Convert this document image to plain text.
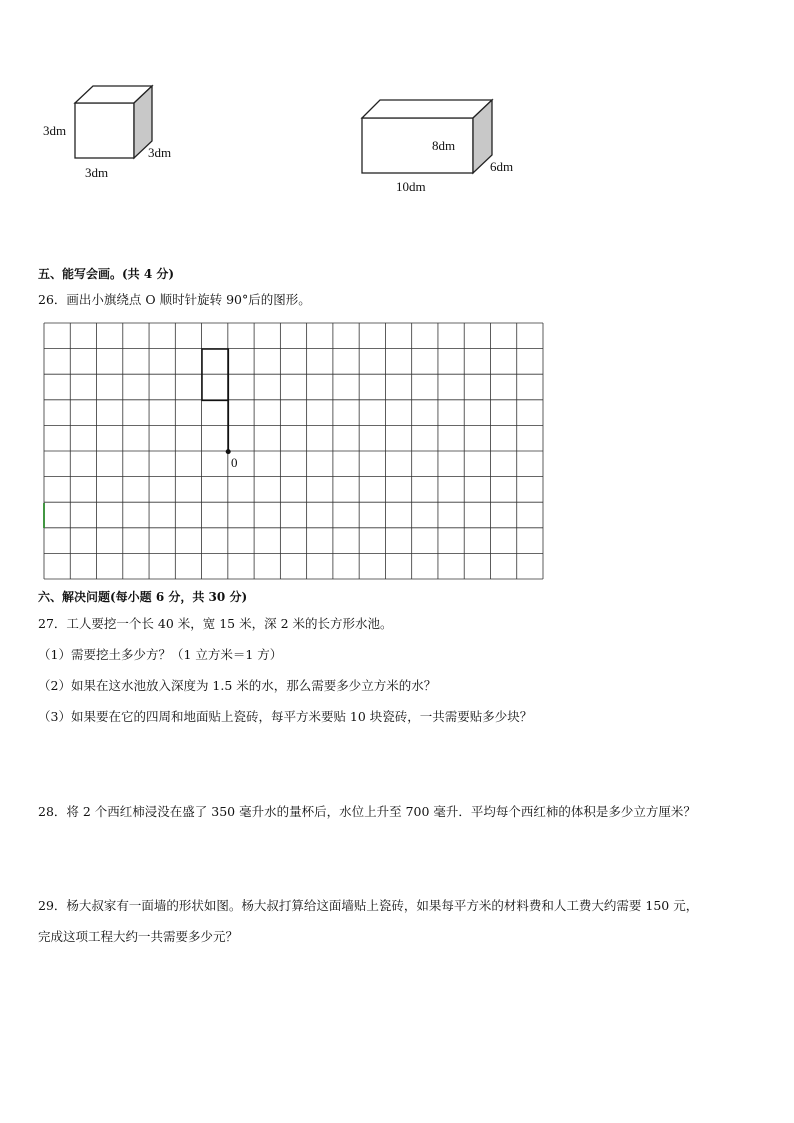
3dm
3dm
3dm
8dm
6dm
10dm
五、能写会画。(共 4 分)
26．画出小旗绕点 O 顺时针旋转 90°后的图形。
0
六、解决问题(每小题 6 分，共 30 分)
27．工人要挖一个长 40 米，宽 15 米，深 2 米的长方形水池。
（1）需要挖土多少方？（1 立方米＝1 方）
（2）如果在这水池放入深度为 1.5 米的水，那么需要多少立方米的水？
（3）如果要在它的四周和地面贴上瓷砖，每平方米要贴 10 块瓷砖，一共需要贴多少块？
28．将 2 个西红柿浸没在盛了 350 毫升水的量杯后，水位上升至 700 毫升．平均每个西红柿的体积是多少立方厘米？
29．杨大叔家有一面墙的形状如图。杨大叔打算给这面墙贴上瓷砖，如果每平方米的材料费和人工费大约需要 150 元，
完成这项工程大约一共需要多少元？
